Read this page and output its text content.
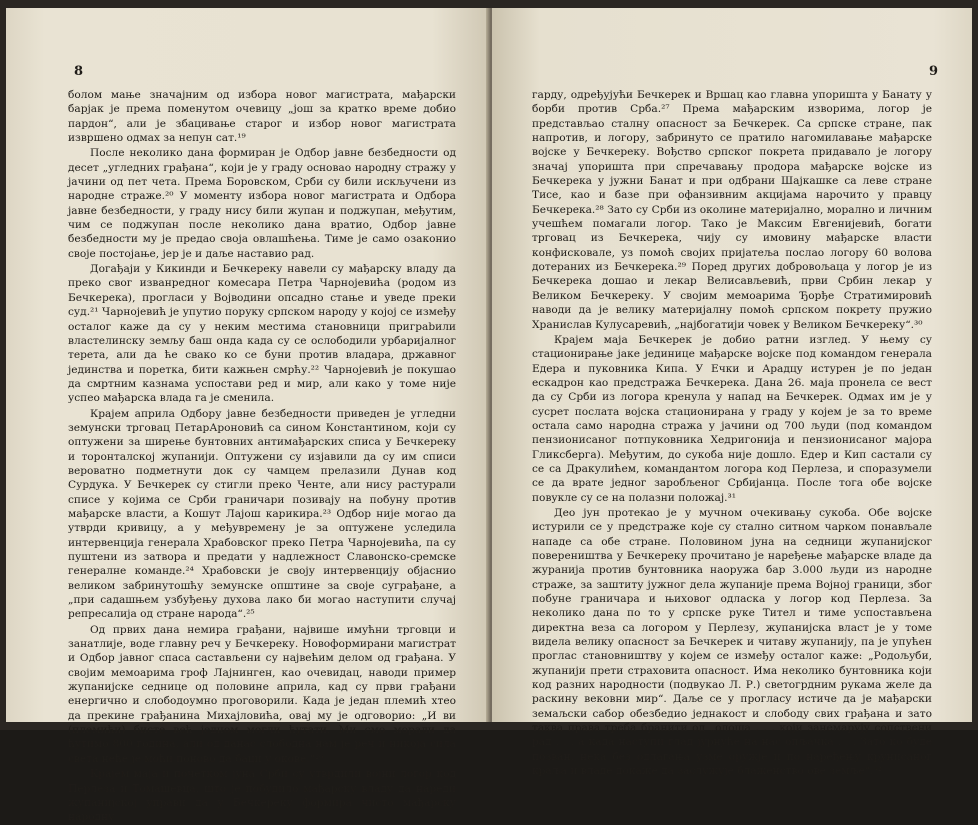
8

болом мање значајним од избора новог магистрата, мађарски барјак је према поменутом очевицу „још за кратко време добио пардон“, али је збацивање старог и избор новог магистрата извршено одмах за непун сат.¹⁹

После неколико дана формиран је Одбор јавне безбедности од десет „угледних грађана“, који је у граду основао народну стражу у јачини од пет чета. Према Боровском, Срби су били искључени из народне страже.²⁰ У моменту избора новог магистрата и Одбора јавне безбедности, у граду нису били жупан и поджупан, међутим, чим се поджупан после неколико дана вратио, Одбор јавне безбедности му је предао своја овлашћења. Тиме је само озаконио своје постојање, јер је и даље наставио рад.

Догађаји у Кикинди и Бечкереку навели су мађарску владу да преко свог изванредног комесара Петра Чарнојевића (родом из Бечкерека), прогласи у Војводини опсадно стање и уведе преки суд.²¹ Чарнојевић је упутио поруку српском народу у којој се између осталог каже да су у неким местима становници пригрabили властелинску земљу баш онда када су се ослободили урбаријалног терета, али да ће свако ко се буни против владара, државног јединства и поретка, бити кажњен смрћу.²² Чарнојевић је покушао да смртним казнама успостави ред и мир, али како у томе није успео мађарска влада га је сменила.

Крајем априла Одбору јавне безбедности приведен је угледни земунски трговац ПетарАроновић са сином Константином, који су оптужени за ширење бунтовних антимађарских списа у Бечкереку и торонталској жупанији. Оптужени су изјавили да су им списи вероватно подметнути док су чамцем прелазили Дунав код Сурдука. У Бечкерек су стигли преко Ченте, али нису растурали списе у којима се Срби граничари позивају на побуну против мађарске власти, а Кошут Лајош карикира.²³ Одбор није могао да утврди кривицу, а у међувремену је за оптужене уследила интервенција генерала Храбовског преко Петра Чарнојевића, па су пуштени из затвора и предати у надлежност Славонско-сремске генералне команде.²⁴ Храбовски је своју интервенцију објаснио великом забринутошћу земунске општине за своје суграђане, а „при садашњем узбуђењу духова лако би могао наступити случај репресалија од стране народа“.²⁵

Од првих дана немира грађани, највише имућни трговци и занатлије, воде главну реч у Бечкереку. Новоформирани магистрат и Одбор јавног спаса састављени су највећим делом од грађана. У својим мемоарима гроф Лајнинген, као очевидац, наводи пример жупанијске седнице од половине априла, кад су први грађани енергично и слободоумно проговорили. Када је један племић хтео да прекине грађанина Михајловића, овај му је одговорио: „И ви (племићи) бисте већ једном могли ћутати. Ми смо морали да ћутимо 800 година, али од данас слободна нам је реч и никоја сила света неће је моћи поново да баци у окове.“²⁶

Крајем маја и почетком јуна Срби су утврдили војни логор код Перлеза и Томашевца, што је побудило мађарску владу да нареди жупанијској управи да у Бечкереку формира чисто мађарску народну

9

гарду, одређујући Бечкерек и Вршац као главна упоришта у Банату у борби против Срба.²⁷ Према мађарским изворима, логор је представљао сталну опасност за Бечкерек. Са српске стране, пак напротив, и логору, забринуто се пратило нагомилавање мађарске војске у Бечкереку. Вођство српског покрета придавало је логору значај упоришта при спречавању продора мађарске војске из Бечкерека у јужни Банат и при одбрани Шајкашке са леве стране Тисе, као и базе при офанзивним акцијама нарочито у правцу Бечкерека.²⁸ Зато су Срби из околине материјално, морално и личним учешћем помагали логор. Тако је Максим Евгенијевић, богати трговац из Бечкерека, чију су имовину мађарске власти конфисковале, уз помоћ својих пријатеља послао логору 60 волова дотераних из Бечкерека.²⁹ Поред других добровољаца у логор је из Бечкерека дошао и лекар Велисављевић, први Србин лекар у Великом Бечкереку. У својим мемоарима Ђорђе Стратимировић наводи да је велику материјалну помоћ српском покрету пружио Хранислав Кулусаревић, „најбогатији човек у Великом Бечкереку“.³⁰

Крајем маја Бечкерек је добио ратни изглед. У њему су стационирање јаке јединице мађарске војске под командом генерала Едера и пуковника Кипа. У Ечки и Арадцу истурен је по један ескадрон као предстража Бечкерека. Дана 26. маја пронела се вест да су Срби из логора кренула у напад на Бечкерек. Одмах им је у сусрет послата војска стационирана у граду у којем је за то време остала само народна стража у јачини од 700 људи (под командом пензионисаног потпуковника Хедригонија и пензионисаног мајора Гликсберга). Међутим, до сукоба није дошло. Едер и Кип састали су се са Дракулићем, командантом логора код Перлеза, и споразумели се да врате једног заробљеног Србијанца. После тога обе војске повукле су се на полазни положај.³¹

Део јун протекао је у мучном очекивању сукоба. Обе војске истурили се у предстраже које су стално ситном чарком понављале нападе са обе стране. Половином јуна на седници жупанијског повереништва у Бечкереку прочитано је наређење мађарске владе да журанија против бунтовника наоружа бар 3.000 људи из народне страже, за заштиту јужног дела жупаније према Војној граници, због побуне граничара и њиховог одласка у логор код Перлеза. За неколико дана по то у српске руке Тител и тиме успостављена директна веза са логором у Перлезу, жупанијска власт је у томе видела велику опасност за Бечкерек и читаву жупанију, па је упућен проглас становништву у којем се између осталог каже: „Родољуби, жупанији прети страховита опасност. Има неколико бунтовника који код разних народности (подвукао Л. Р.) светогрдним рукама желе да раскину вековни мир“. Даље се у прогласу истиче да је мађарски земаљски сабор обезбедио једнакост и слободу свих грађана и зато таква права треба бранити од „олоша . . . који занемарују сопствени рад . . . а када наступи глад јурнуће на нас опљачка . . . Зато ко буде позван, нека без одлагања узме оружје и по наређењу крунисаног краља и владе докаже да заслужује блаженство ове земље“.³²
